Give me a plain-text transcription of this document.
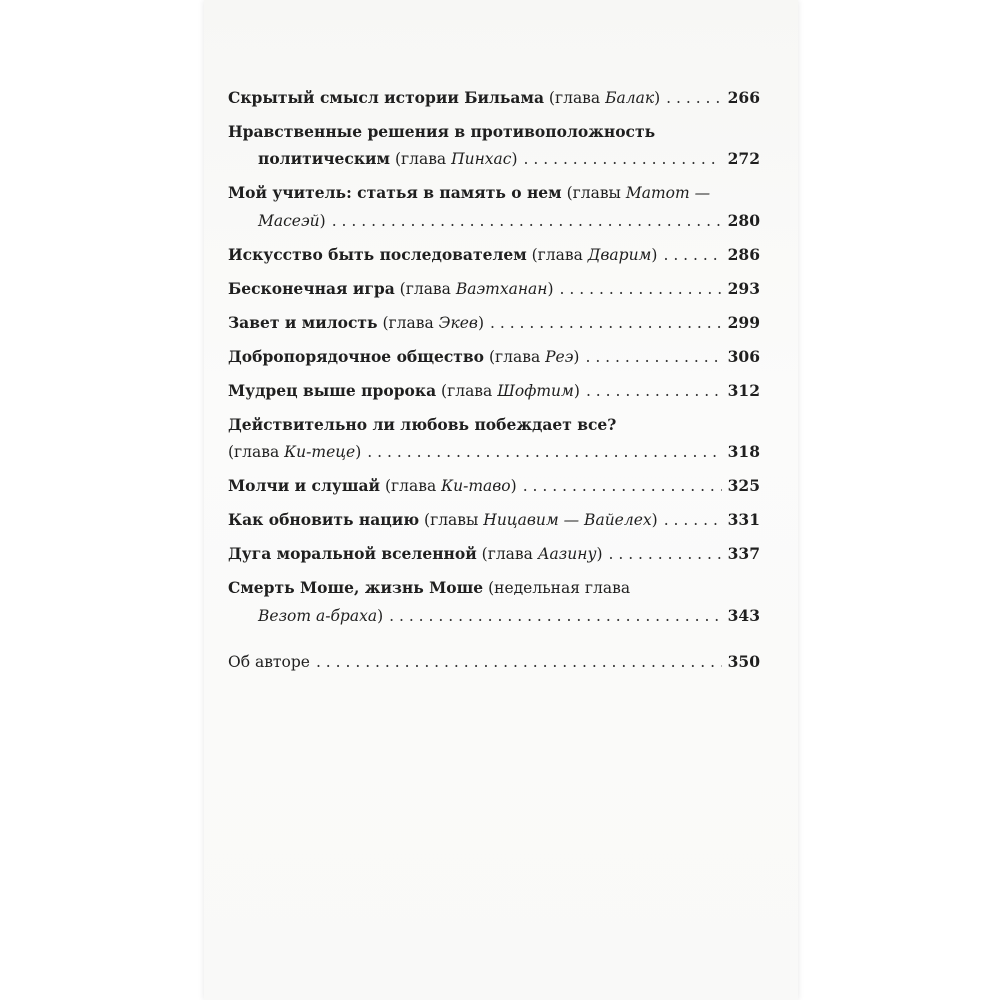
Скрытый смысл истории Бильама (глава Балак ) . . .	266
Нравственные решения в противоположность
политическим (глава Пинхас ) . . .	272
Мой учитель: статья в память о нем (главы Матот —
Масеэй ) . . .	280
Искусство быть последователем (глава Дварим ) . . .	286
Бесконечная игра (глава Ваэтханан ) . . .	293
Завет и милость (глава Экев ) . . .	299
Добропорядочное общество (глава Реэ ) . . .	306
Мудрец выше пророка (глава Шофтим ) . . .	312
Действительно ли любовь побеждает все?
(глава Ки-теце ) . . .	318
Молчи и слушай (глава Ки-таво ) . . .	325
Как обновить нацию (главы Ницавим — Вайелех ) . . .	331
Дуга моральной вселенной (глава Аазину ) . . .	337
Смерть Моше, жизнь Моше (недельная глава
Везот а-браха ) . . .	343
Об авторе . . .	350
